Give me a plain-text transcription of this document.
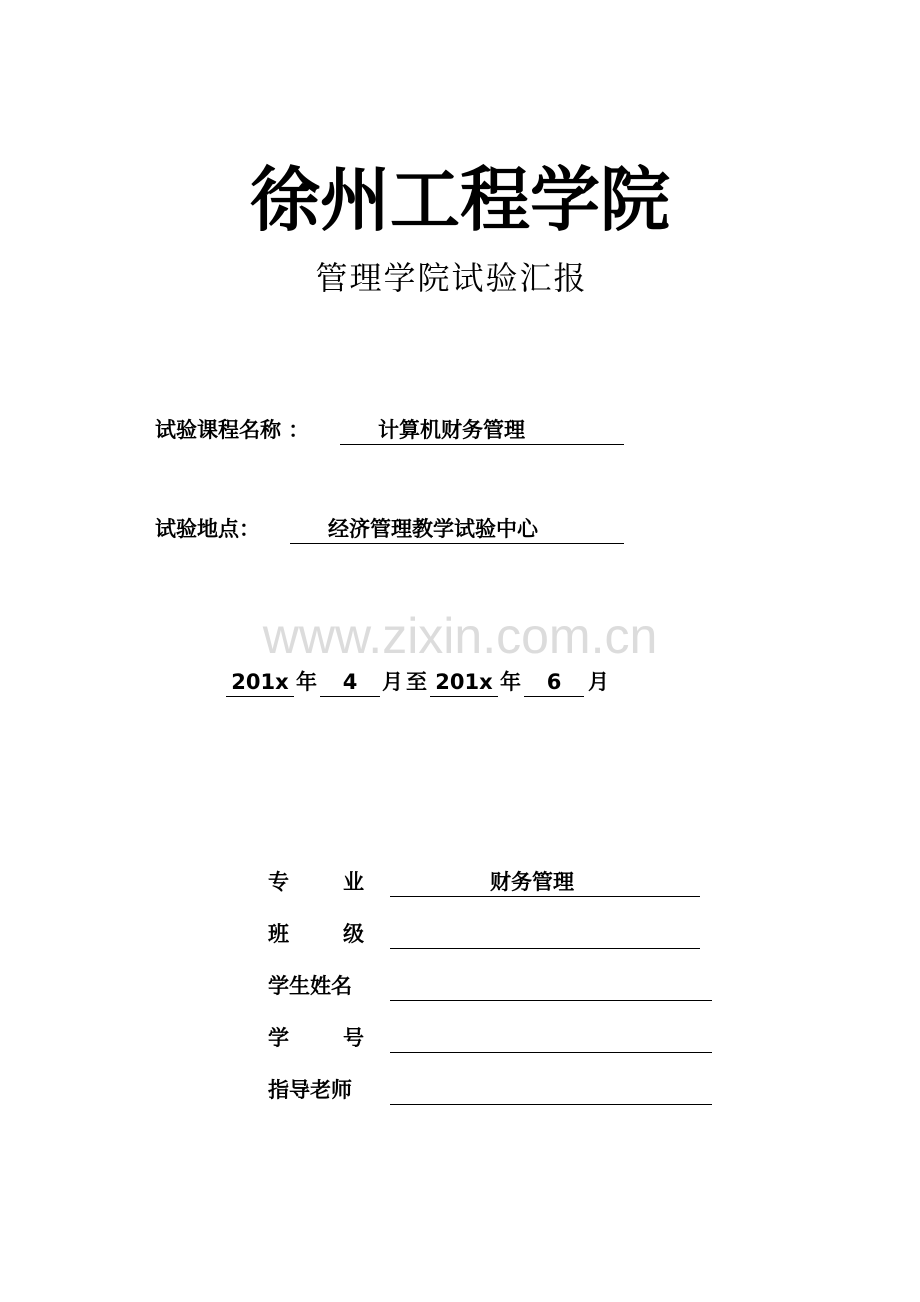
徐州工程学院
管理学院试验汇报
试验课程名称 ：	计算机财务管理
试验地点：	经济管理教学试验中心
www.zixin.com.cn
201x 年	4	月 至 201x 年	6	月
专	业	财务管理
班	级
学生姓名
学	号
指导老师
